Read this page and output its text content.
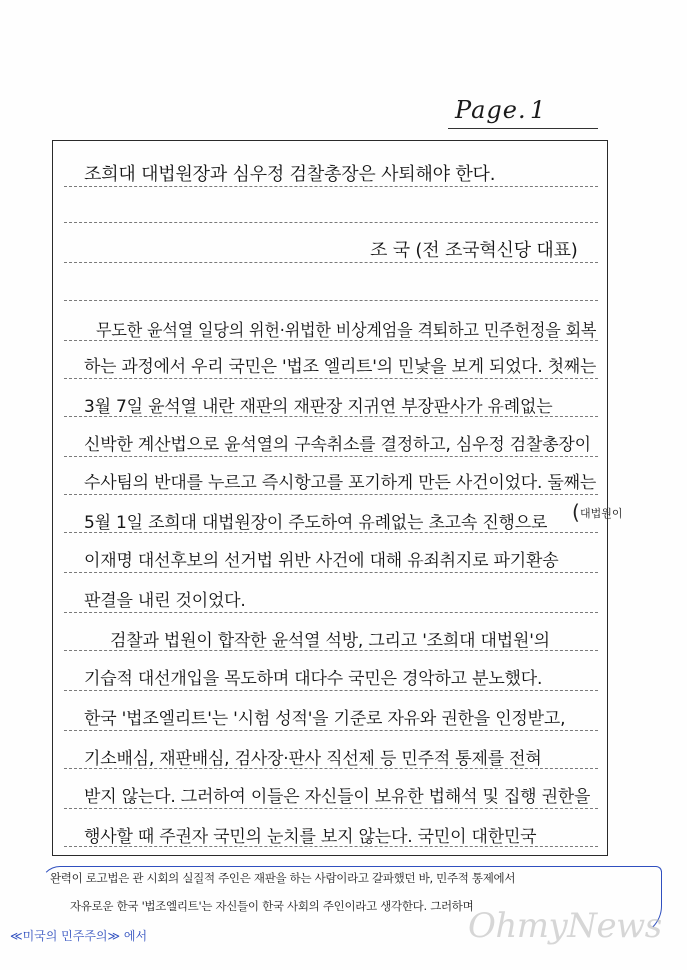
Page. 1
조희대 대법원장과 심우정 검찰총장은 사퇴해야 한다.
조 국 (전 조국혁신당 대표)
무도한 윤석열 일당의 위헌·위법한 비상계엄을 격퇴하고 민주헌정을 회복
하는 과정에서 우리 국민은 '법조 엘리트'의 민낯을 보게 되었다. 첫째는
3월 7일 윤석열 내란 재판의 재판장 지귀연 부장판사가 유례없는
신박한 계산법으로 윤석열의 구속취소를 결정하고, 심우정 검찰총장이
수사팀의 반대를 누르고 즉시항고를 포기하게 만든 사건이었다. 둘째는
5월 1일 조희대 대법원장이 주도하여 유례없는 초고속 진행으로
이재명 대선후보의 선거법 위반 사건에 대해 유죄취지로 파기환송
판결을 내린 것이었다.
검찰과 법원이 합작한 윤석열 석방, 그리고 '조희대 대법원'의
기습적 대선개입을 목도하며 대다수 국민은 경악하고 분노했다.
한국 '법조엘리트'는 '시험 성적'을 기준로 자유와 권한을 인정받고,
기소배심, 재판배심, 검사장·판사 직선제 등 민주적 통제를 전혀
받지 않는다. 그러하여 이들은 자신들이 보유한 법해석 및 집행 권한을
행사할 때 주권자 국민의 눈치를 보지 않는다. 국민이 대한민국
( 대법원이
완력이 로고법은 관 시회의 실질적 주인은 재판을 하는 사람이라고 갈파했던 바, 민주적 통제에서
자유로운 한국 '법조엘리트'는 자신들이 한국 사회의 주인이라고 생각한다. 그러하며
≪미국의 민주주의≫ 에서	OhmyNews
